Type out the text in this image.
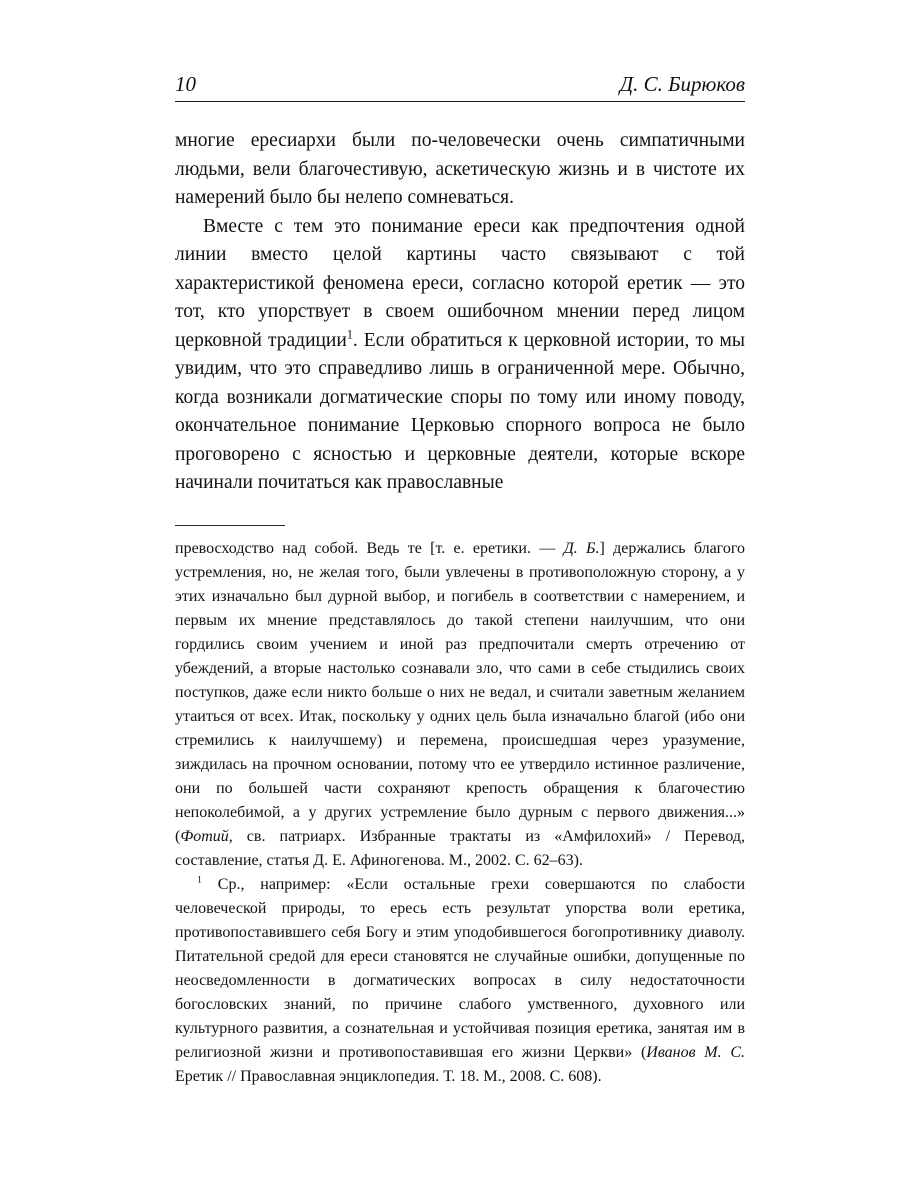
10	Д. С. Бирюков

многие ересиархи были по-человечески очень симпатичными людьми, вели благочестивую, аскетическую жизнь и в чистоте их намерений было бы нелепо сомневаться.

Вместе с тем это понимание ереси как предпочтения одной линии вместо целой картины часто связывают с той характеристикой феномена ереси, согласно которой еретик — это тот, кто упорствует в своем ошибочном мнении перед лицом церковной традиции$^1$. Если обратиться к церковной истории, то мы увидим, что это справедливо лишь в ограниченной мере. Обычно, когда возникали догматические споры по тому или иному поводу, окончательное понимание Церковью спорного вопроса не было проговорено с ясностью и церковные деятели, которые вскоре начинали почитаться как православные

превосходство над собой. Ведь те [т. е. еретики. — Д. Б.] держались благого устремления, но, не желая того, были увлечены в противоположную сторону, а у этих изначально был дурной выбор, и погибель в соответствии с намерением, и первым их мнение представлялось до такой степени наилучшим, что они гордились своим учением и иной раз предпочитали смерть отречению от убеждений, а вторые настолько сознавали зло, что сами в себе стыдились своих поступков, даже если никто больше о них не ведал, и считали заветным желанием утаиться от всех. Итак, поскольку у одних цель была изначально благой (ибо они стремились к наилучшему) и перемена, происшедшая через уразумение, зиждилась на прочном основании, потому что ее утвердило истинное различение, они по большей части сохраняют крепость обращения к благочестию непоколебимой, а у других устремление было дурным с первого движения...» (Фотий, св. патриарх. Избранные трактаты из «Амфилохий» / Перевод, составление, статья Д. Е. Афиногенова. М., 2002. С. 62–63).

$^1$ Ср., например: «Если остальные грехи совершаются по слабости человеческой природы, то ересь есть результат упорства воли еретика, противопоставившего себя Богу и этим уподобившегося богопротивнику диаволу. Питательной средой для ереси становятся не случайные ошибки, допущенные по неосведомленности в догматических вопросах в силу недостаточности богословских знаний, по причине слабого умственного, духовного или культурного развития, а сознательная и устойчивая позиция еретика, занятая им в религиозной жизни и противопоставившая его жизни Церкви» (Иванов М. С. Еретик // Православная энциклопедия. Т. 18. М., 2008. С. 608).
